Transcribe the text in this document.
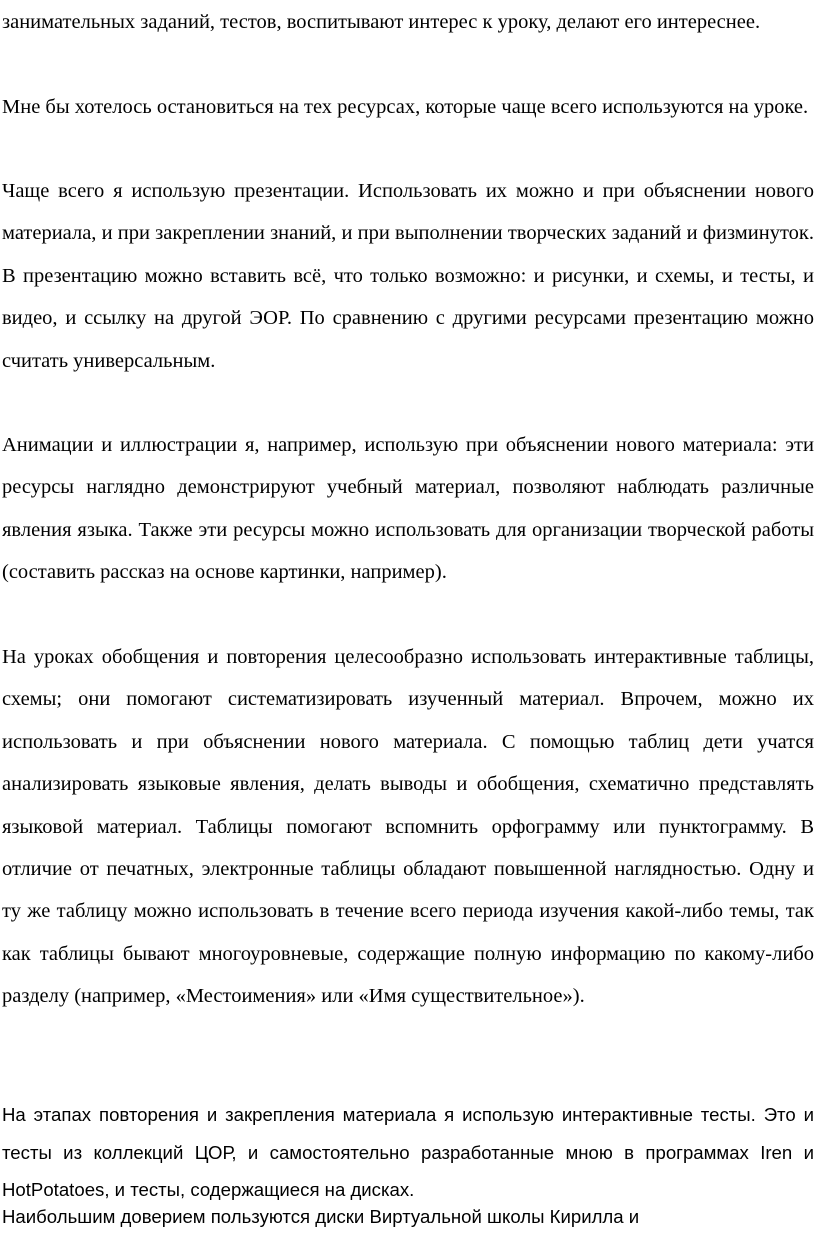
занимательных заданий, тестов, воспитывают интерес к уроку, делают его интереснее.

Мне бы хотелось остановиться на тех ресурсах, которые чаще всего используются на уроке.

Чаще всего я использую презентации. Использовать их можно и при объяснении нового материала, и при закреплении знаний, и при выполнении творческих заданий и физминуток. В презентацию можно вставить всё, что только возможно: и рисунки, и схемы, и тесты, и видео, и ссылку на другой ЭОР. По сравнению с другими ресурсами презентацию можно считать универсальным.

Анимации и иллюстрации я, например, использую при объяснении нового материала: эти ресурсы наглядно демонстрируют учебный материал, позволяют наблюдать различные явления языка. Также эти ресурсы можно использовать для организации творческой работы (составить рассказ на основе картинки, например).

На уроках обобщения и повторения целесообразно использовать интерактивные таблицы, схемы; они помогают систематизировать изученный материал. Впрочем, можно их использовать и при объяснении нового материала. С помощью таблиц дети учатся анализировать языковые явления, делать выводы и обобщения, схематично представлять языковой материал. Таблицы помогают вспомнить орфограмму или пунктограмму. В отличие от печатных, электронные таблицы обладают повышенной наглядностью. Одну и ту же таблицу можно использовать в течение всего периода изучения какой-либо темы, так как таблицы бывают многоуровневые, содержащие полную информацию по какому-либо разделу (например, «Местоимения» или «Имя существительное»).

На этапах повторения и закрепления материала я использую интерактивные тесты. Это и тесты из коллекций ЦОР, и самостоятельно разработанные мною в программах Iren и HotPotatoes, и тесты, содержащиеся на дисках.

Наибольшим доверием пользуются диски Виртуальной школы Кирилла и
